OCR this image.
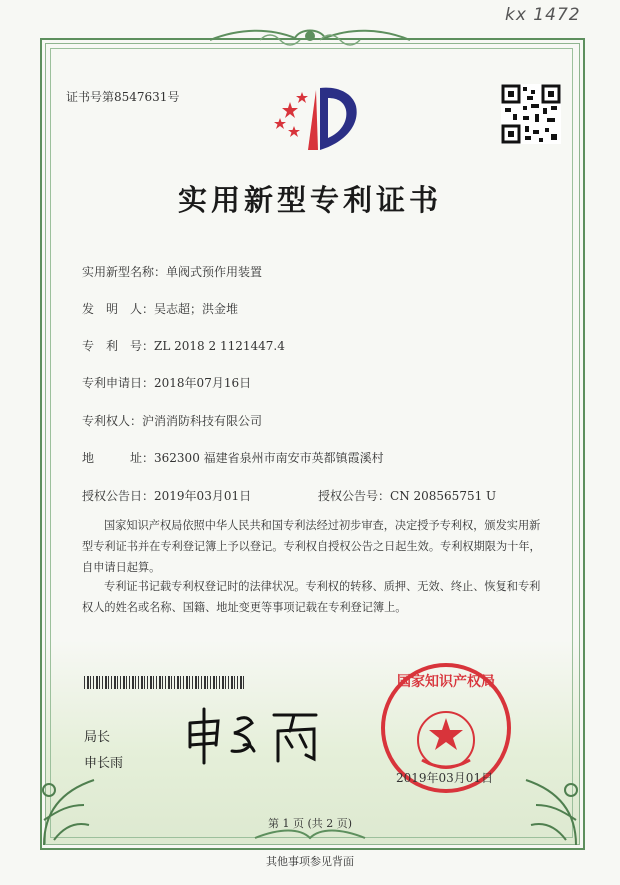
kx 1472
证书号第8547631号
实用新型专利证书
实用新型名称：单阀式预作用装置
发　明　人：吴志超；洪金堆
专　利　号：ZL 2018 2 1121447.4
专利申请日：2018年07月16日
专利权人：沪消消防科技有限公司
地　　　址：362300 福建省泉州市南安市英都镇霞溪村
授权公告日：2019年03月01日	授权公告号：CN 208565751 U
国家知识产权局依照中华人民共和国专利法经过初步审查，决定授予专利权，颁发实用新型专利证书并在专利登记簿上予以登记。专利权自授权公告之日起生效。专利权期限为十年，自申请日起算。
专利证书记载专利权登记时的法律状况。专利权的转移、质押、无效、终止、恢复和专利权人的姓名或名称、国籍、地址变更等事项记载在专利登记簿上。
局长
申长雨
国家知识产权局
2019年03月01日
第 1 页 (共 2 页)
其他事项参见背面
